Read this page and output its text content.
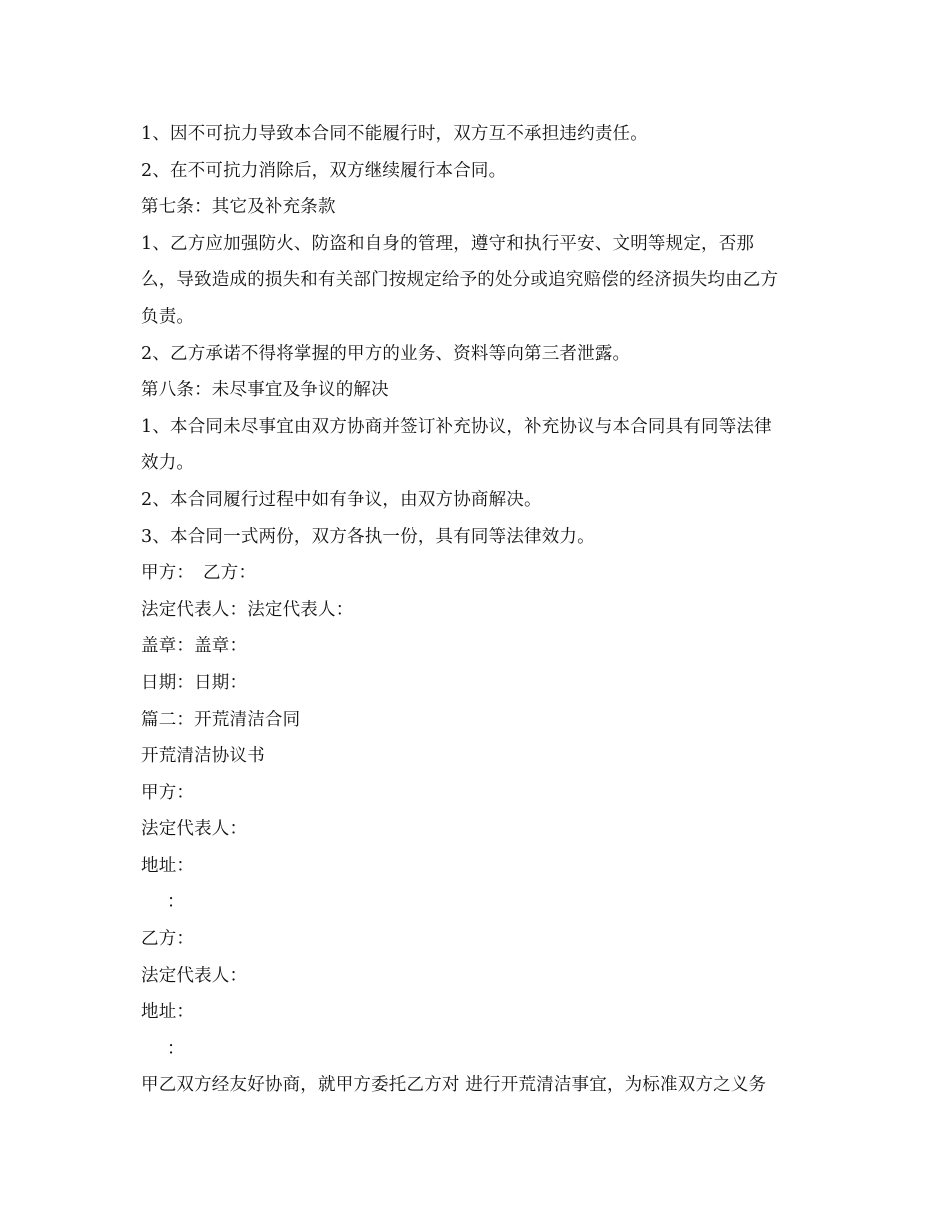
1、因不可抗力导致本合同不能履行时，双方互不承担违约责任。
2、在不可抗力消除后，双方继续履行本合同。
第七条：其它及补充条款
1、乙方应加强防火、防盗和自身的管理，遵守和执行平安、文明等规定，否那
么，导致造成的损失和有关部门按规定给予的处分或追究赔偿的经济损失均由乙方
负责。
2、乙方承诺不得将掌握的甲方的业务、资料等向第三者泄露。
第八条：未尽事宜及争议的解决
1、本合同未尽事宜由双方协商并签订补充协议，补充协议与本合同具有同等法律
效力。
2、本合同履行过程中如有争议，由双方协商解决。
3、本合同一式两份，双方各执一份，具有同等法律效力。
甲方：　乙方：
法定代表人：法定代表人：
盖章：盖章：
日期：日期：
篇二：开荒清洁合同
开荒清洁协议书
甲方：
法定代表人：
地址：
：
乙方：
法定代表人：
地址：
：
甲乙双方经友好协商，就甲方委托乙方对 进行开荒清洁事宜，为标准双方之义务
